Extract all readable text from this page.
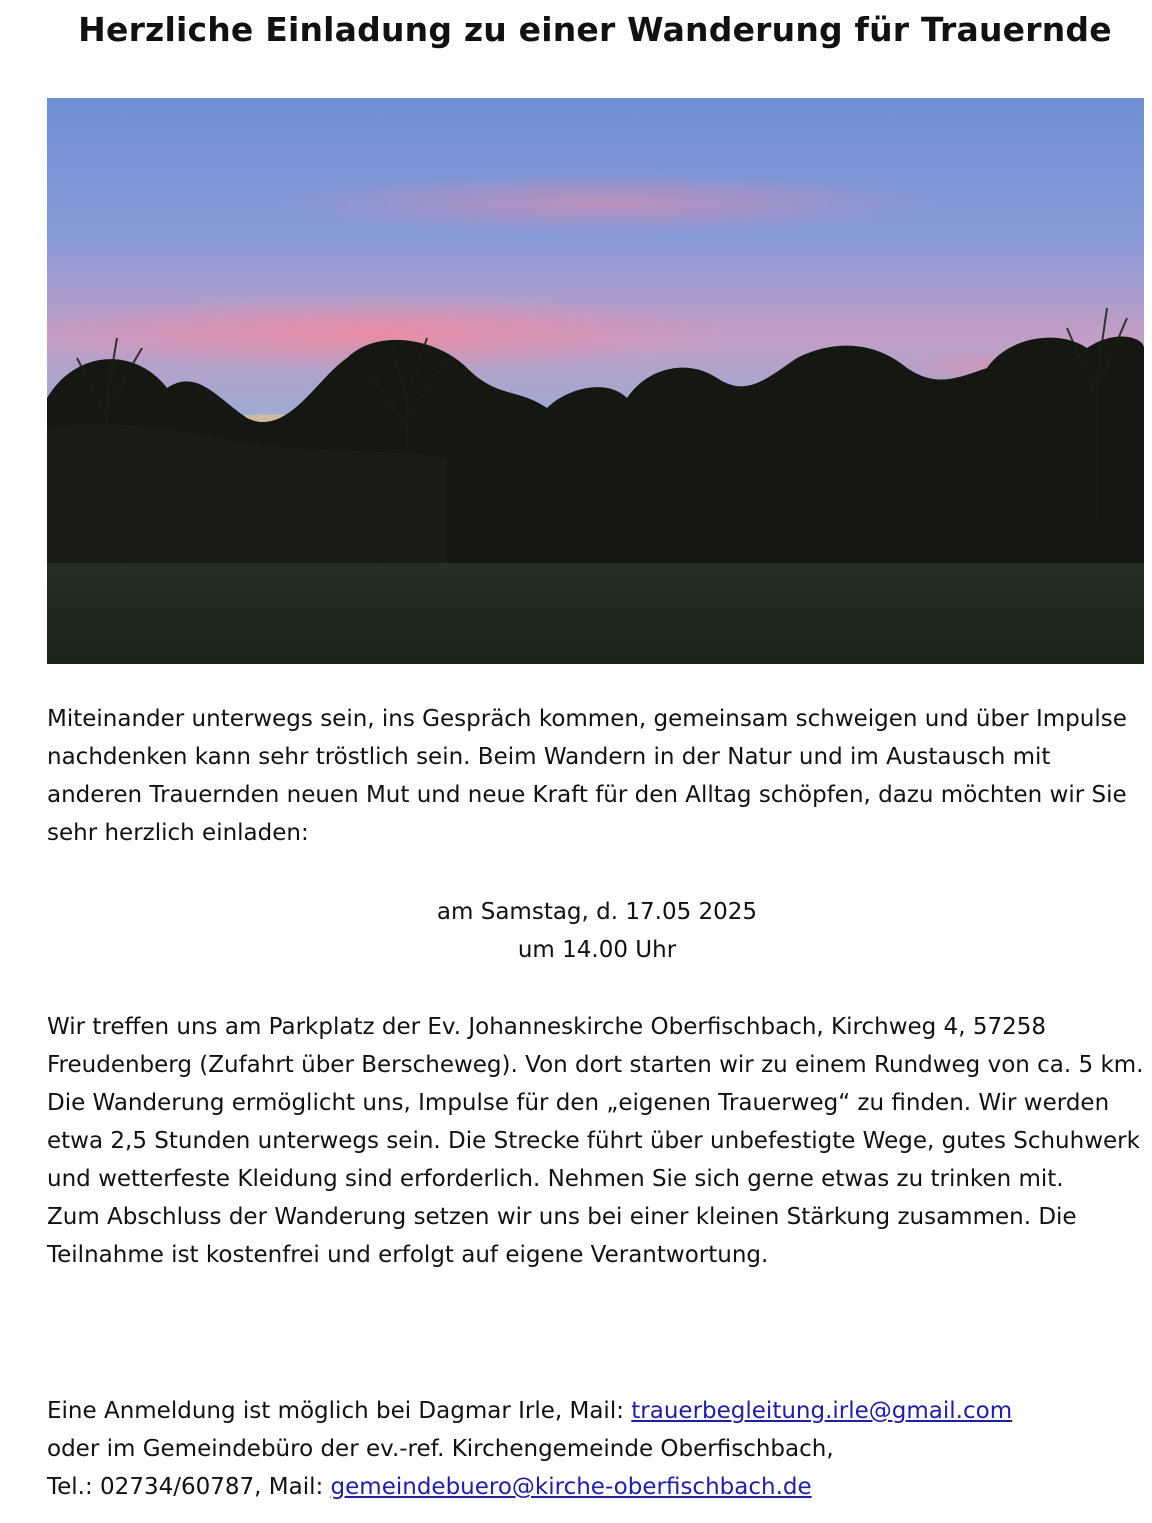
Herzliche Einladung zu einer Wanderung für Trauernde

Miteinander unterwegs sein, ins Gespräch kommen, gemeinsam schweigen und über Impulse nachdenken kann sehr tröstlich sein. Beim Wandern in der Natur und im Austausch mit anderen Trauernden neuen Mut und neue Kraft für den Alltag schöpfen, dazu möchten wir Sie sehr herzlich einladen:

am Samstag, d. 17.05 2025

um 14.00 Uhr

Wir treffen uns am Parkplatz der Ev. Johanneskirche Oberfischbach, Kirchweg 4, 57258 Freudenberg (Zufahrt über Berscheweg). Von dort starten wir zu einem Rundweg von ca. 5 km.

Die Wanderung ermöglicht uns, Impulse für den „eigenen Trauerweg“ zu finden. Wir werden etwa 2,5 Stunden unterwegs sein. Die Strecke führt über unbefestigte Wege, gutes Schuhwerk und wetterfeste Kleidung sind erforderlich. Nehmen Sie sich gerne etwas zu trinken mit.

Zum Abschluss der Wanderung setzen wir uns bei einer kleinen Stärkung zusammen. Die Teilnahme ist kostenfrei und erfolgt auf eigene Verantwortung.

Eine Anmeldung ist möglich bei Dagmar Irle, Mail: trauerbegleitung.irle@gmail.com

oder im Gemeindebüro der ev.-ref. Kirchengemeinde Oberfischbach,

Tel.: 02734/60787, Mail: gemeindebuero@kirche-oberfischbach.de
